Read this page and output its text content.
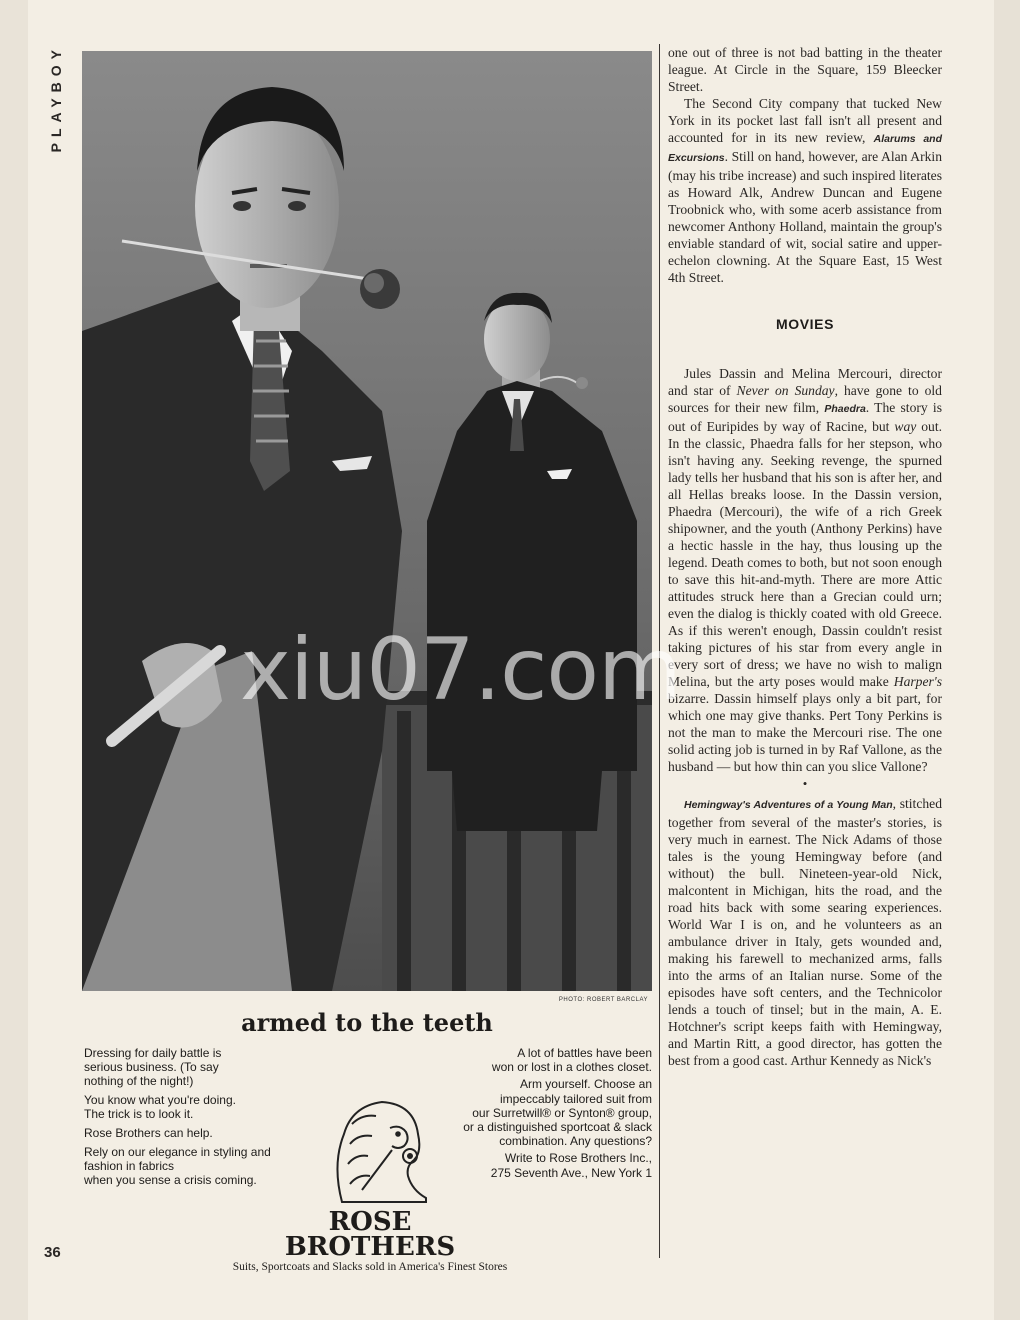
PLAYBOY
36
PHOTO: ROBERT BARCLAY
armed to the teeth

Dressing for daily battle is
serious business. (To say
nothing of the night!)

You know what you're doing.
The trick is to look it.

Rose Brothers can help.

Rely on our elegance in styling and
fashion in fabrics
when you sense a crisis coming.

A lot of battles have been
won or lost in a clothes closet.

Arm yourself. Choose an
impeccably tailored suit from
our Surretwill® or Synton® group,
or a distinguished sportcoat & slack
combination. Any questions?

Write to Rose Brothers Inc.,
275 Seventh Ave., New York 1

ROSE
BROTHERS
Suits, Sportcoats and Slacks sold in America's Finest Stores

one out of three is not bad batting in the theater league. At Circle in the Square, 159 Bleecker Street.

The Second City company that tucked New York in its pocket last fall isn't all present and accounted for in its new review, Alarums and Excursions. Still on hand, however, are Alan Arkin (may his tribe increase) and such inspired literates as Howard Alk, Andrew Duncan and Eugene Troobnick who, with some acerb assistance from newcomer Anthony Holland, maintain the group's enviable standard of wit, social satire and upper-echelon clowning. At the Square East, 15 West 4th Street.

MOVIES

Jules Dassin and Melina Mercouri, director and star of Never on Sunday, have gone to old sources for their new film, Phaedra. The story is out of Euripides by way of Racine, but way out. In the classic, Phaedra falls for her stepson, who isn't having any. Seeking revenge, the spurned lady tells her husband that his son is after her, and all Hellas breaks loose. In the Dassin version, Phaedra (Mercouri), the wife of a rich Greek shipowner, and the youth (Anthony Perkins) have a hectic hassle in the hay, thus lousing up the legend. Death comes to both, but not soon enough to save this hit-and-myth. There are more Attic attitudes struck here than a Grecian could urn; even the dialog is thickly coated with old Greece. As if this weren't enough, Dassin couldn't resist taking pictures of his star from every angle in every sort of dress; we have no wish to malign Melina, but the arty poses would make Harper's bizarre. Dassin himself plays only a bit part, for which one may give thanks. Pert Tony Perkins is not the man to make the Mercouri rise. The one solid acting job is turned in by Raf Vallone, as the husband — but how thin can you slice Vallone?

•

Hemingway's Adventures of a Young Man, stitched together from several of the master's stories, is very much in earnest. The Nick Adams of those tales is the young Hemingway before (and without) the bull. Nineteen-year-old Nick, malcontent in Michigan, hits the road, and the road hits back with some searing experiences. World War I is on, and he volunteers as an ambulance driver in Italy, gets wounded and, making his farewell to mechanized arms, falls into the arms of an Italian nurse. Some of the episodes have soft centers, and the Technicolor lends a touch of tinsel; but in the main, A. E. Hotchner's script keeps faith with Hemingway, and Martin Ritt, a good director, has gotten the best from a good cast. Arthur Kennedy as Nick's

xiu07.com
